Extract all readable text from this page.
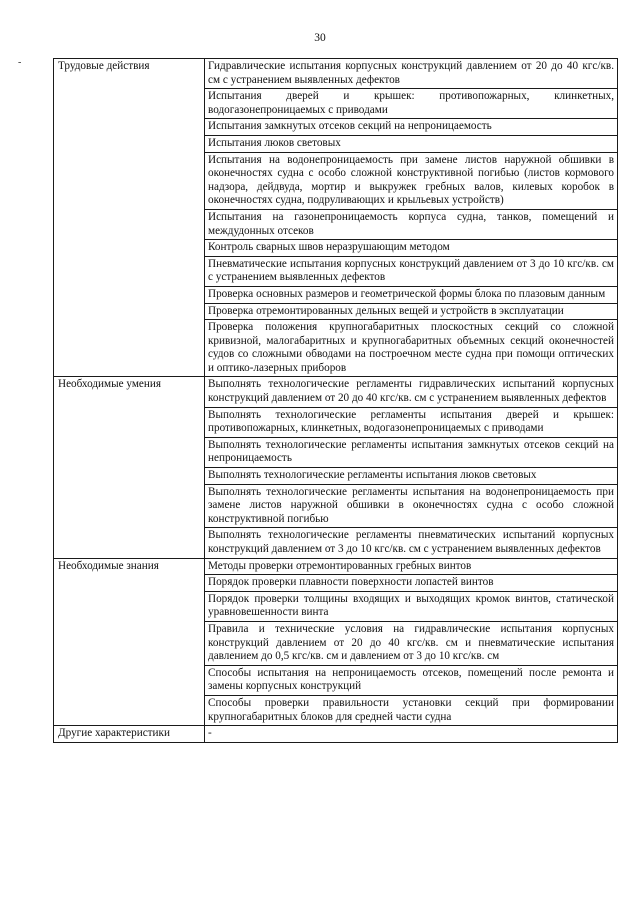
30
-	Трудовые действия	Гидравлические испытания корпусных конструкций давлением от 20 до 40 кгс/кв. см с устранением выявленных дефектов

	Испытания дверей и крышек: противопожарных, клинкетных, водогазонепроницаемых с приводами

	Испытания замкнутых отсеков секций на непроницаемость

	Испытания люков световых

	Испытания на водонепроницаемость при замене листов наружной обшивки в оконечностях судна с особо сложной конструктивной погибью (листов кормового надзора, дейдвуда, мортир и выкружек гребных валов, килевых коробок в оконечностях судна, подруливающих и крыльевых устройств)

	Испытания на газонепроницаемость корпуса судна, танков, помещений и междудонных отсеков

	Контроль сварных швов неразрушающим методом

	Пневматические испытания корпусных конструкций давлением от 3 до 10 кгс/кв. см с устранением выявленных дефектов

	Проверка основных размеров и геометрической формы блока по плазовым данным

	Проверка отремонтированных дельных вещей и устройств в эксплуатации

	Проверка положения крупногабаритных плоскостных секций со сложной кривизной, малогабаритных и крупногабаритных объемных секций оконечностей судов со сложными обводами на построечном месте судна при помощи оптических и оптико-лазерных приборов

Необходимые умения	Выполнять технологические регламенты гидравлических испытаний корпусных конструкций давлением от 20 до 40 кгс/кв. см с устранением выявленных дефектов

	Выполнять технологические регламенты испытания дверей и крышек: противопожарных, клинкетных, водогазонепроницаемых с приводами

	Выполнять технологические регламенты испытания замкнутых отсеков секций на непроницаемость

	Выполнять технологические регламенты испытания люков световых

	Выполнять технологические регламенты испытания на водонепроницаемость при замене листов наружной обшивки в оконечностях судна с особо сложной конструктивной погибью

	Выполнять технологические регламенты пневматических испытаний корпусных конструкций давлением от 3 до 10 кгс/кв. см с устранением выявленных дефектов

Необходимые знания	Методы проверки отремонтированных гребных винтов

	Порядок проверки плавности поверхности лопастей винтов

	Порядок проверки толщины входящих и выходящих кромок винтов, статической уравновешенности винта

	Правила и технические условия на гидравлические испытания корпусных конструкций давлением от 20 до 40 кгс/кв. см и пневматические испытания давлением до 0,5 кгс/кв. см и давлением от 3 до 10 кгс/кв. см

	Способы испытания на непроницаемость отсеков, помещений после ремонта и замены корпусных конструкций

	Способы проверки правильности установки секций при формировании крупногабаритных блоков для средней части судна

Другие характеристики	-
